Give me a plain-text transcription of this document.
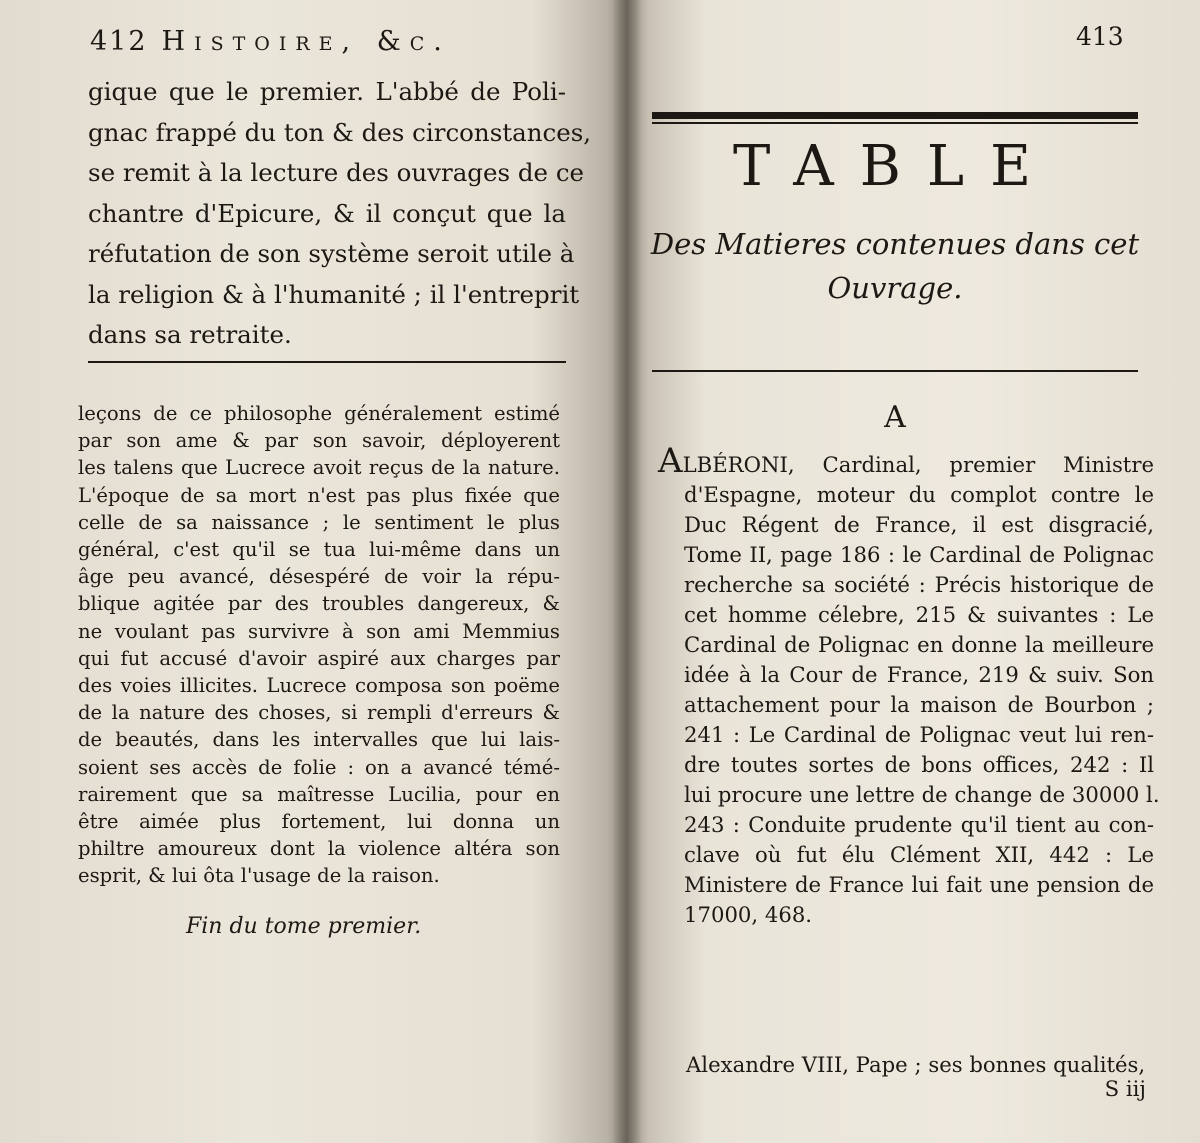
412 Histoire, &c.

gique que le premier. L'abbé de Poli-
gnac frappé du ton & des circonstances,
se remit à la lecture des ouvrages de ce
chantre d'Epicure, & il conçut que la
réfutation de son système seroit utile à
la religion & à l'humanité ; il l'entreprit
dans sa retraite.
leçons de ce philosophe généralement estimé
par son ame & par son savoir, déployerent
les talens que Lucrece avoit reçus de la nature.
L'époque de sa mort n'est pas plus fixée que
celle de sa naissance ; le sentiment le plus
général, c'est qu'il se tua lui-même dans un
âge peu avancé, désespéré de voir la répu-
blique agitée par des troubles dangereux, &
ne voulant pas survivre à son ami Memmius
qui fut accusé d'avoir aspiré aux charges par
des voies illicites. Lucrece composa son poëme
de la nature des choses, si rempli d'erreurs &
de beautés, dans les intervalles que lui lais-
soient ses accès de folie : on a avancé témé-
rairement que sa maîtresse Lucilia, pour en
être aimée plus fortement, lui donna un
philtre amoureux dont la violence altéra son
esprit, & lui ôta l'usage de la raison.

Fin du tome premier.

413

TABLE

Des Matieres contenues dans cet Ouvrage.

A

ALBÉRONI, Cardinal, premier Ministre
d'Espagne, moteur du complot contre le
Duc Régent de France, il est disgracié,
Tome II, page 186 : le Cardinal de Polignac
recherche sa société : Précis historique de
cet homme célebre, 215 & suivantes : Le
Cardinal de Polignac en donne la meilleure
idée à la Cour de France, 219 & suiv. Son
attachement pour la maison de Bourbon ;
241 : Le Cardinal de Polignac veut lui ren-
dre toutes sortes de bons offices, 242 : Il
lui procure une lettre de change de 30000 l.
243 : Conduite prudente qu'il tient au con-
clave où fut élu Clément XII, 442 : Le
Ministere de France lui fait une pension de
17000, 468.
Alexandre VIII, Pape ; ses bonnes qualités,
S iij
